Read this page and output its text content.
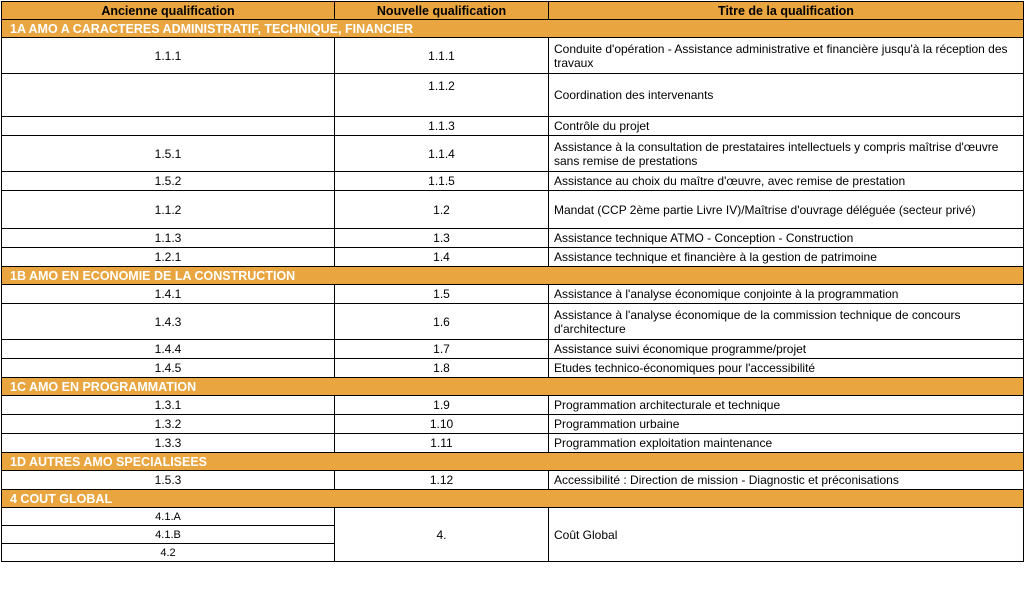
Ancienne qualification	Nouvelle qualification	Titre de la qualification
1A AMO A CARACTERES ADMINISTRATIF, TECHNIQUE, FINANCIER		
1.1.1	1.1.1	Conduite d'opération - Assistance administrative et financière jusqu'à la réception des travaux
	1.1.2	Coordination des intervenants
	1.1.3	Contrôle du projet
1.5.1	1.1.4	Assistance à la consultation de prestataires intellectuels y compris maîtrise d'œuvre sans remise de prestations
1.5.2	1.1.5	Assistance au choix du maître d'œuvre, avec remise de prestation
1.1.2	1.2	Mandat (CCP 2ème partie Livre IV)/Maîtrise d'ouvrage déléguée (secteur privé)
1.1.3	1.3	Assistance technique ATMO - Conception - Construction
1.2.1	1.4	Assistance technique et financière à la gestion de patrimoine
1B AMO EN ECONOMIE DE LA CONSTRUCTION		
1.4.1	1.5	Assistance à l'analyse économique conjointe à la programmation
1.4.3	1.6	Assistance à l'analyse économique de la commission technique de concours d'architecture
1.4.4	1.7	Assistance suivi économique programme/projet
1.4.5	1.8	Etudes technico-économiques pour l'accessibilité
1C AMO EN PROGRAMMATION		
1.3.1	1.9	Programmation architecturale et technique
1.3.2	1.10	Programmation urbaine
1.3.3	1.11	Programmation exploitation maintenance
1D AUTRES AMO SPECIALISEES		
1.5.3	1.12	Accessibilité : Direction de mission - Diagnostic et préconisations
4 COUT GLOBAL		
4.1.A	4.	Coût Global
4.1.B		
4.2		
